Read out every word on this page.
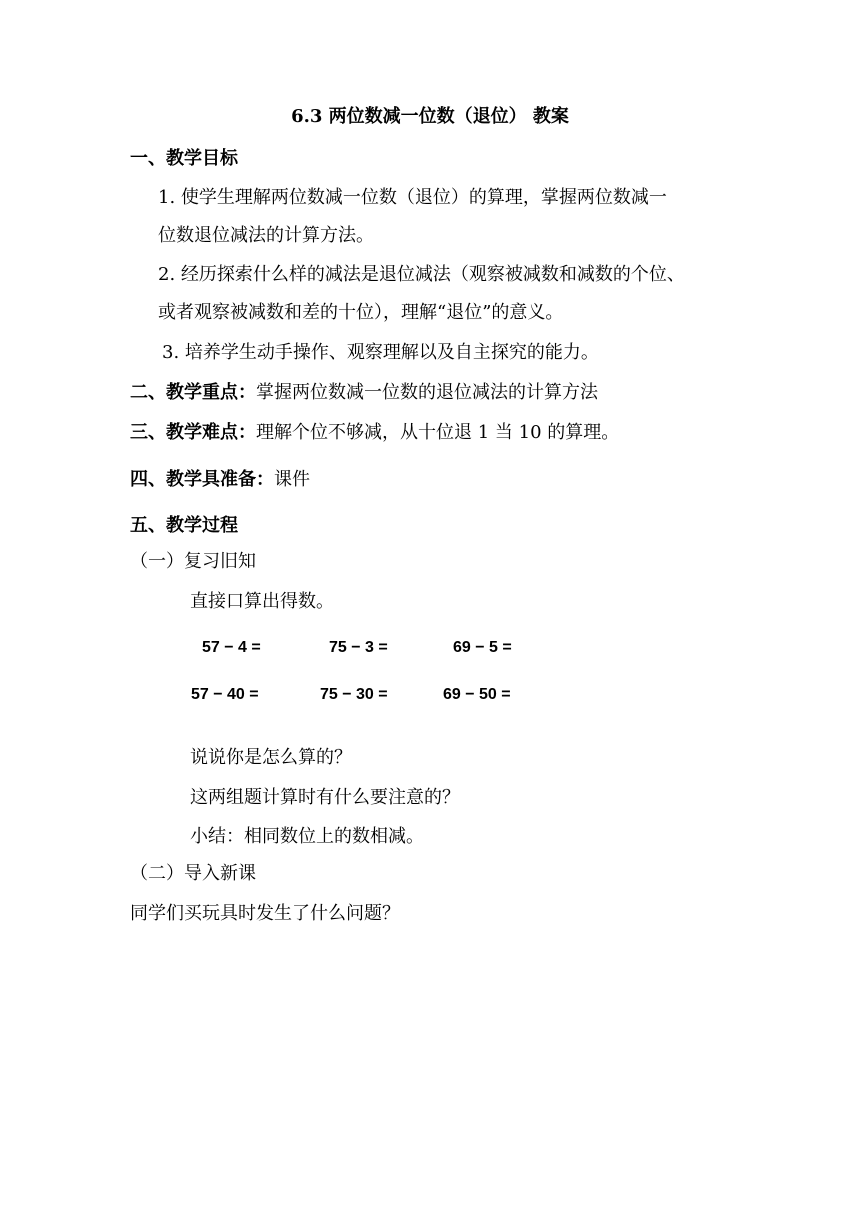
6.3 两位数减一位数（退位） 教案
一、教学目标
1. 使学生理解两位数减一位数（退位）的算理，掌握两位数减一
位数退位减法的计算方法。
2. 经历探索什么样的减法是退位减法（观察被减数和减数的个位、
或者观察被减数和差的十位），理解“退位”的意义。
3. 培养学生动手操作、观察理解以及自主探究的能力。
二、教学重点：掌握两位数减一位数的退位减法的计算方法
三、教学难点：理解个位不够减，从十位退 1 当 10 的算理。
四、教学具准备：课件
五、教学过程
（一）复习旧知
直接口算出得数。
57 − 4 =	75 − 3 =	69 − 5 =
57 − 40 =	75 − 30 =	69 − 50 =
说说你是怎么算的？
这两组题计算时有什么要注意的？
小结：相同数位上的数相减。
（二）导入新课
同学们买玩具时发生了什么问题？
